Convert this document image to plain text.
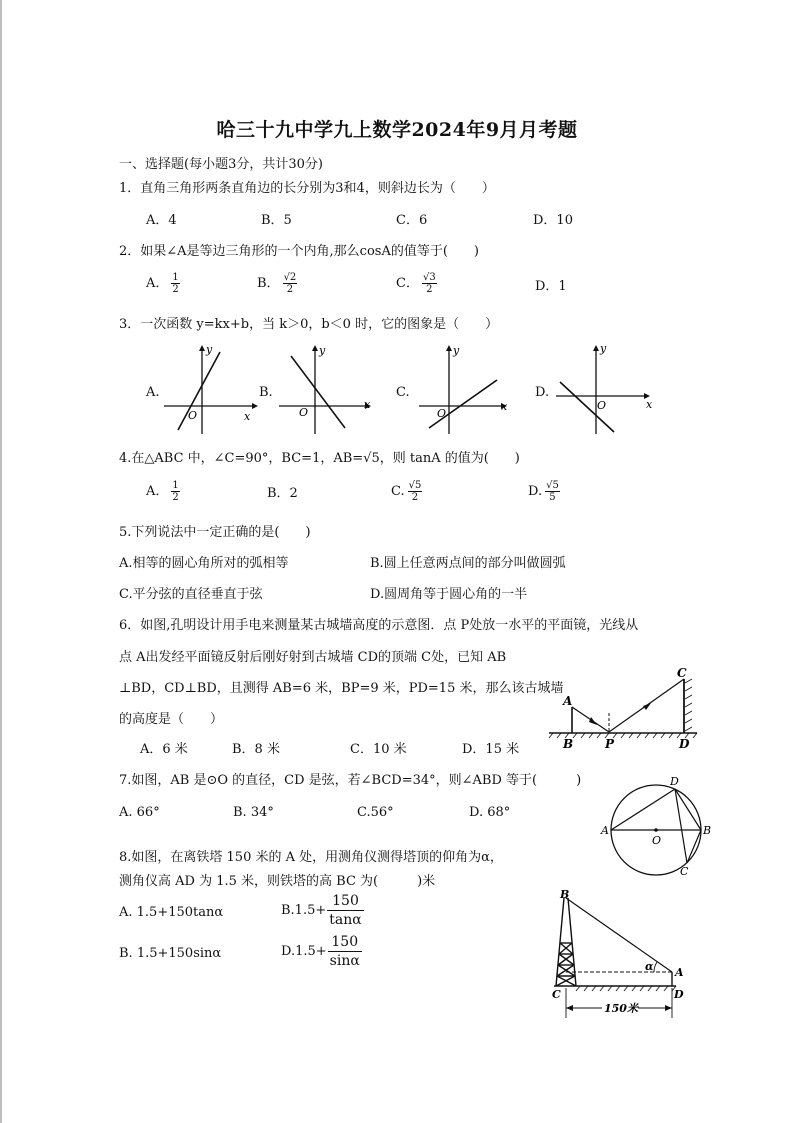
哈三十九中学九上数学2024年9月月考题
一、选择题(每小题3分，共计30分)
1．直角三角形两条直角边的长分别为3和4，则斜边长为（　　）
A．4	B．5	C．6	D．10
2．如果∠A是等边三角形的一个内角,那么cosA的值等于(　　)
A． $\frac{1}{2}$	B． $\frac{√2}{2}$	C． $\frac{√3}{2}$	D．1
3．一次函数 y=kx+b，当 k＞0，b＜0 时，它的图象是（　　）
A.	B.	C.	D.
x
y
O
x
y
O	x
y
O
x
y
O
4.在△ABC 中，∠C=90°，BC=1，AB=√5，则 tanA 的值为(　　)
A． $\frac{1}{2}$	B．2	C. $\frac{√5}{2}$	D. $\frac{√5}{5}$
5.下列说法中一定正确的是(　　)
A.相等的圆心角所对的弧相等	B.圆上任意两点间的部分叫做圆弧
C.平分弦的直径垂直于弦	D.圆周角等于圆心角的一半
6．如图,孔明设计用手电来测量某古城墙高度的示意图．点 P处放一水平的平面镜，光线从
点 A出发经平面镜反射后刚好射到古城墙 CD的顶端 C处，已知 AB
⊥BD，CD⊥BD，且测得 AB=6 米，BP=9 米，PD=15 米，那么该古城墙
的高度是（　　）
A．6 米	B．8 米	C．10 米	D．15 米
A
B	P
C
D
7.如图，AB 是⊙O 的直径，CD 是弦，若∠BCD=34°，则∠ABD 等于(　　　)
A. 66°	B. 34°	C.56°	D. 68°
A	B
D
C
O
8.如图，在离铁塔 150 米的 A 处，用测角仪测得塔顶的仰角为α，
测角仪高 AD 为 1.5 米，则铁塔的高 BC 为(　　　)米
A. 1.5+150tanα	$B.1.5+ \frac{150}{\tan\alpha}$
B. 1.5+150sinα	$D.1.5+ \frac{150}{\sin\alpha}$
150米
B
C
A
D
α
